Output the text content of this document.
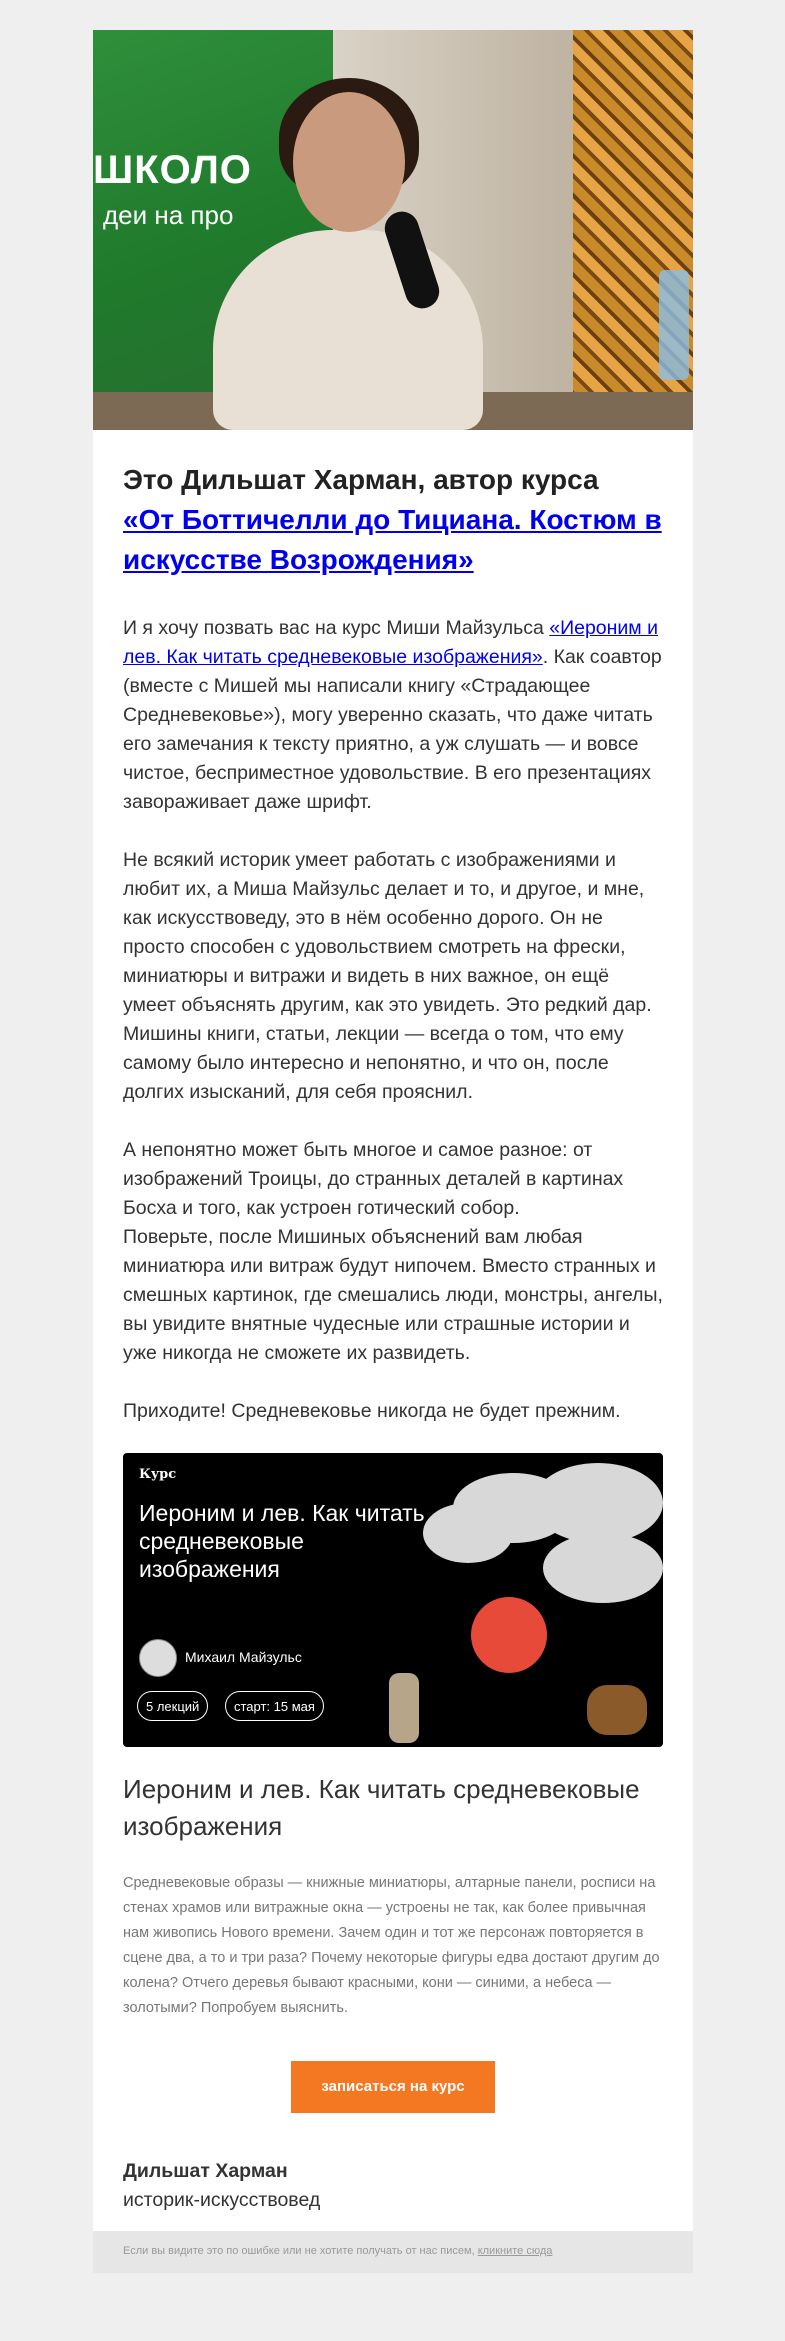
ШКОЛО
деи на про
Это Дильшат Харман, автор курса
«От Боттичелли до Тициана. Костюм в искусстве Возрождения»

И я хочу позвать вас на курс Миши Майзульса «Иероним и лев. Как читать средневековые изображения». Как соавтор (вместе с Мишей мы написали книгу «Страдающее Средневековье»), могу уверенно сказать, что даже читать его замечания к тексту приятно, а уж слушать — и вовсе чистое, бесприместное удовольствие. В его презентациях завораживает даже шрифт.

Не всякий историк умеет работать с изображениями и любит их, а Миша Майзульс делает и то, и другое, и мне, как искусствоведу, это в нём особенно дорого. Он не просто способен с удовольствием смотреть на фрески, миниатюры и витражи и видеть в них важное, он ещё умеет объяснять другим, как это увидеть. Это редкий дар. Мишины книги, статьи, лекции — всегда о том, что ему самому было интересно и непонятно, и что он, после долгих изысканий, для себя прояснил.

А непонятно может быть многое и самое разное: от изображений Троицы, до странных деталей в картинах Босха и того, как устроен готический собор.
Поверьте, после Мишиных объяснений вам любая миниатюра или витраж будут нипочем. Вместо странных и смешных картинок, где смешались люди, монстры, ангелы, вы увидите внятные чудесные или страшные истории и уже никогда не сможете их развидеть.

Приходите! Средневековье никогда не будет прежним.

Курс
Иероним и лев. Как читать средневековые изображения
Михаил Майзульс
5 лекций	старт: 15 мая
Иероним и лев. Как читать средневековые изображения

Средневековые образы — книжные миниатюры, алтарные панели, росписи на стенах храмов или витражные окна — устроены не так, как более привычная нам живопись Нового времени. Зачем один и тот же персонаж повторяется в сцене два, а то и три раза? Почему некоторые фигуры едва достают другим до колена? Отчего деревья бывают красными, кони — синими, а небеса — золотыми? Попробуем выяснить.

записаться на курс
Дильшат Харман
историк-искусствовед
Если вы видите это по ошибке или не хотите получать от нас писем, кликните сюда
